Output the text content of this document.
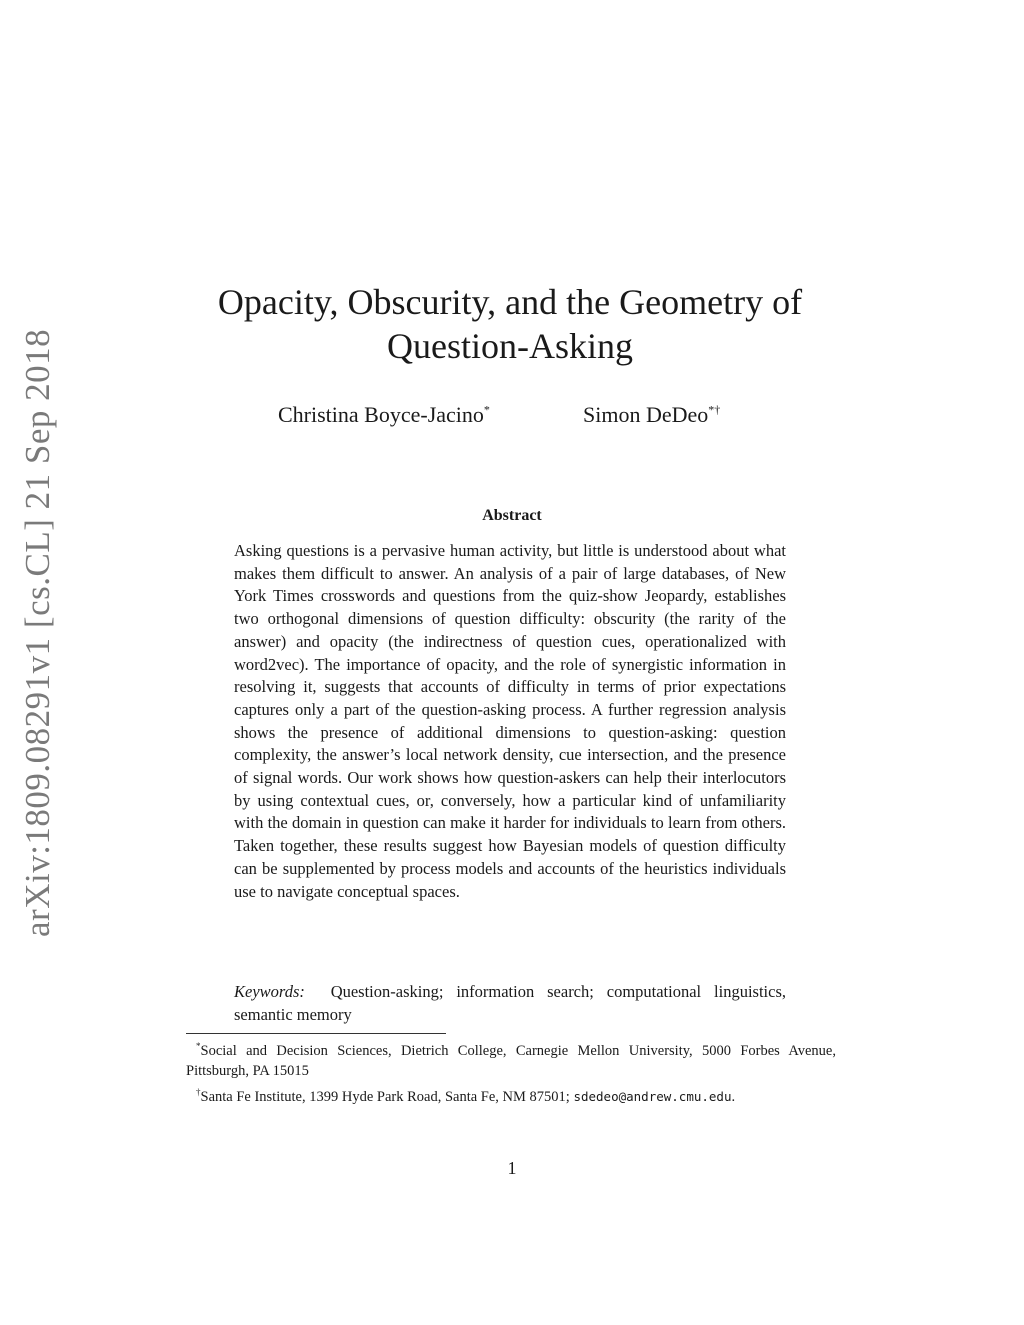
arXiv:1809.08291v1 [cs.CL] 21 Sep 2018
Opacity, Obscurity, and the Geometry of Question-Asking
Christina Boyce-Jacino*	Simon DeDeo*†
Abstract

Asking questions is a pervasive human activity, but little is understood about what makes them difficult to answer. An analysis of a pair of large databases, of New York Times crosswords and questions from the quiz-show Jeopardy, establishes two orthogonal dimensions of question difficulty: obscurity (the rarity of the answer) and opacity (the indirectness of question cues, operationalized with word2vec). The importance of opacity, and the role of synergistic information in resolving it, suggests that accounts of difficulty in terms of prior expectations captures only a part of the question-asking process. A further regression analysis shows the presence of additional dimensions to question-asking: question complexity, the answer’s local network density, cue intersection, and the presence of signal words. Our work shows how question-askers can help their interlocutors by using contextual cues, or, conversely, how a particular kind of unfamiliarity with the domain in question can make it harder for individuals to learn from others. Taken together, these results suggest how Bayesian models of question difficulty can be supplemented by process models and accounts of the heuristics individuals use to navigate conceptual spaces.

Keywords: Question-asking; information search; computational linguistics, semantic memory

*Social and Decision Sciences, Dietrich College, Carnegie Mellon University, 5000 Forbes Avenue, Pittsburgh, PA 15015

†Santa Fe Institute, 1399 Hyde Park Road, Santa Fe, NM 87501; sdedeo@andrew.cmu.edu.

1
